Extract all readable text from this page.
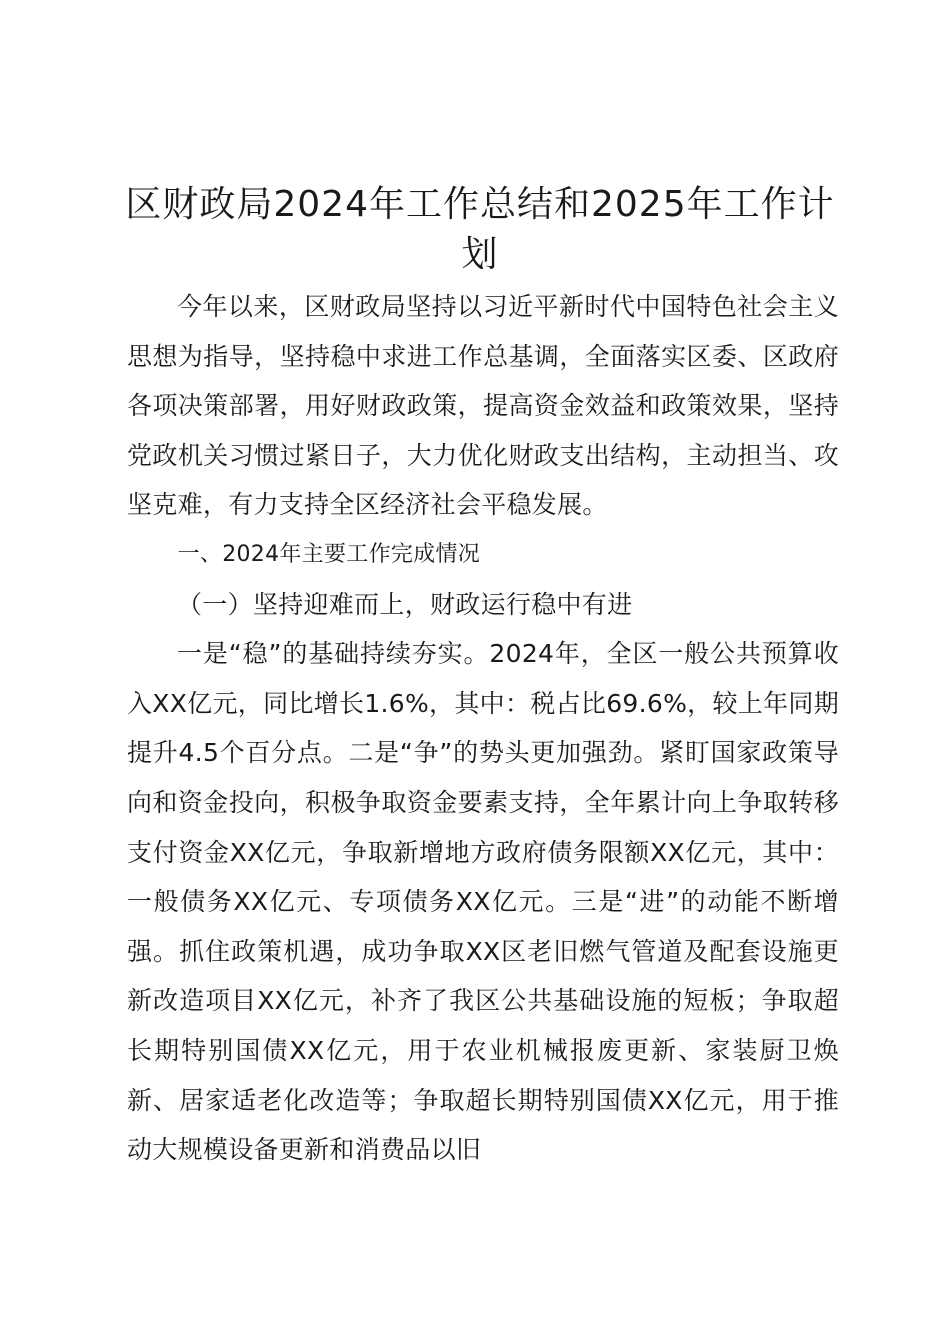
区财政局2024年工作总结和2025年工作计划

今年以来，区财政局坚持以习近平新时代中国特色社会主义思想为指导，坚持稳中求进工作总基调，全面落实区委、区政府各项决策部署，用好财政政策，提高资金效益和政策效果，坚持党政机关习惯过紧日子，大力优化财政支出结构，主动担当、攻坚克难，有力支持全区经济社会平稳发展。

一、2024年主要工作完成情况

（一）坚持迎难而上，财政运行稳中有进

一是“稳”的基础持续夯实。2024年，全区一般公共预算收入XX亿元，同比增长1.6%，其中：税占比69.6%，较上年同期提升4.5个百分点。二是“争”的势头更加强劲。紧盯国家政策导向和资金投向，积极争取资金要素支持，全年累计向上争取转移支付资金XX亿元，争取新增地方政府债务限额XX亿元，其中：一般债务XX亿元、专项债务XX亿元。三是“进”的动能不断增强。抓住政策机遇，成功争取XX区老旧燃气管道及配套设施更新改造项目XX亿元，补齐了我区公共基础设施的短板；争取超长期特别国债XX亿元，用于农业机械报废更新、家装厨卫焕新、居家适老化改造等；争取超长期特别国债XX亿元，用于推动大规模设备更新和消费品以旧
